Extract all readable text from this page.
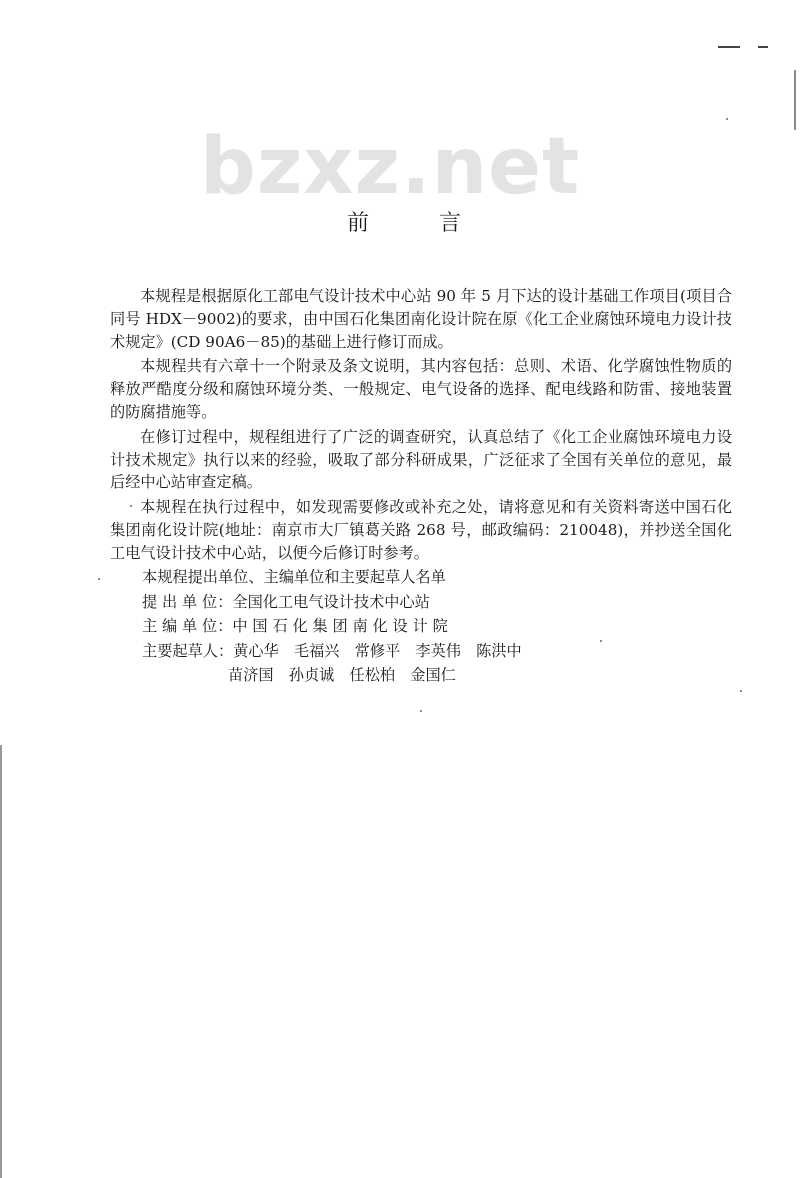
bzxz.net
前　言

本规程是根据原化工部电气设计技术中心站 90 年 5 月下达的设计基础工作项目(项目合同号 HDX－9002)的要求，由中国石化集团南化设计院在原《化工企业腐蚀环境电力设计技术规定》(CD 90A6－85)的基础上进行修订而成。

本规程共有六章十一个附录及条文说明，其内容包括：总则、术语、化学腐蚀性物质的释放严酷度分级和腐蚀环境分类、一般规定、电气设备的选择、配电线路和防雷、接地装置的防腐措施等。

在修订过程中，规程组进行了广泛的调查研究，认真总结了《化工企业腐蚀环境电力设计技术规定》执行以来的经验，吸取了部分科研成果，广泛征求了全国有关单位的意见，最后经中心站审查定稿。

本规程在执行过程中，如发现需要修改或补充之处，请将意见和有关资料寄送中国石化集团南化设计院(地址：南京市大厂镇葛关路 268 号，邮政编码：210048)，并抄送全国化工电气设计技术中心站，以便今后修订时参考。

本规程提出单位、主编单位和主要起草人名单
提 出 单 位：全国化工电气设计技术中心站
主 编 单 位：中 国 石 化 集 团 南 化 设 计 院
主要起草人：黄心华　毛福兴　常修平　李英伟　陈洪中
苗济国　孙贞诚　任松柏　金国仁
